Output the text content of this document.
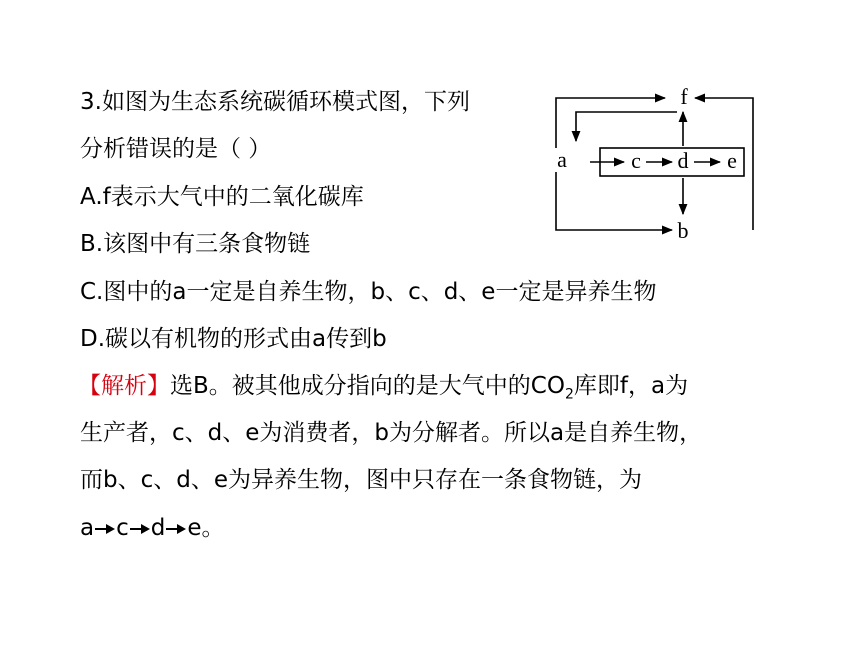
3.如图为生态系统碳循环模式图，下列
分析错误的是（ ）
A.f表示大气中的二氧化碳库
B.该图中有三条食物链
C.图中的a一定是自养生物，b、c、d、e一定是异养生物
D.碳以有机物的形式由a传到b
【解析】选B。被其他成分指向的是大气中的$CO_2$库即f，a为
生产者，c、d、e为消费者，b为分解者。所以a是自养生物，
而b、c、d、e为异养生物，图中只存在一条食物链，为
a c d e。
f
a	c d e
b
